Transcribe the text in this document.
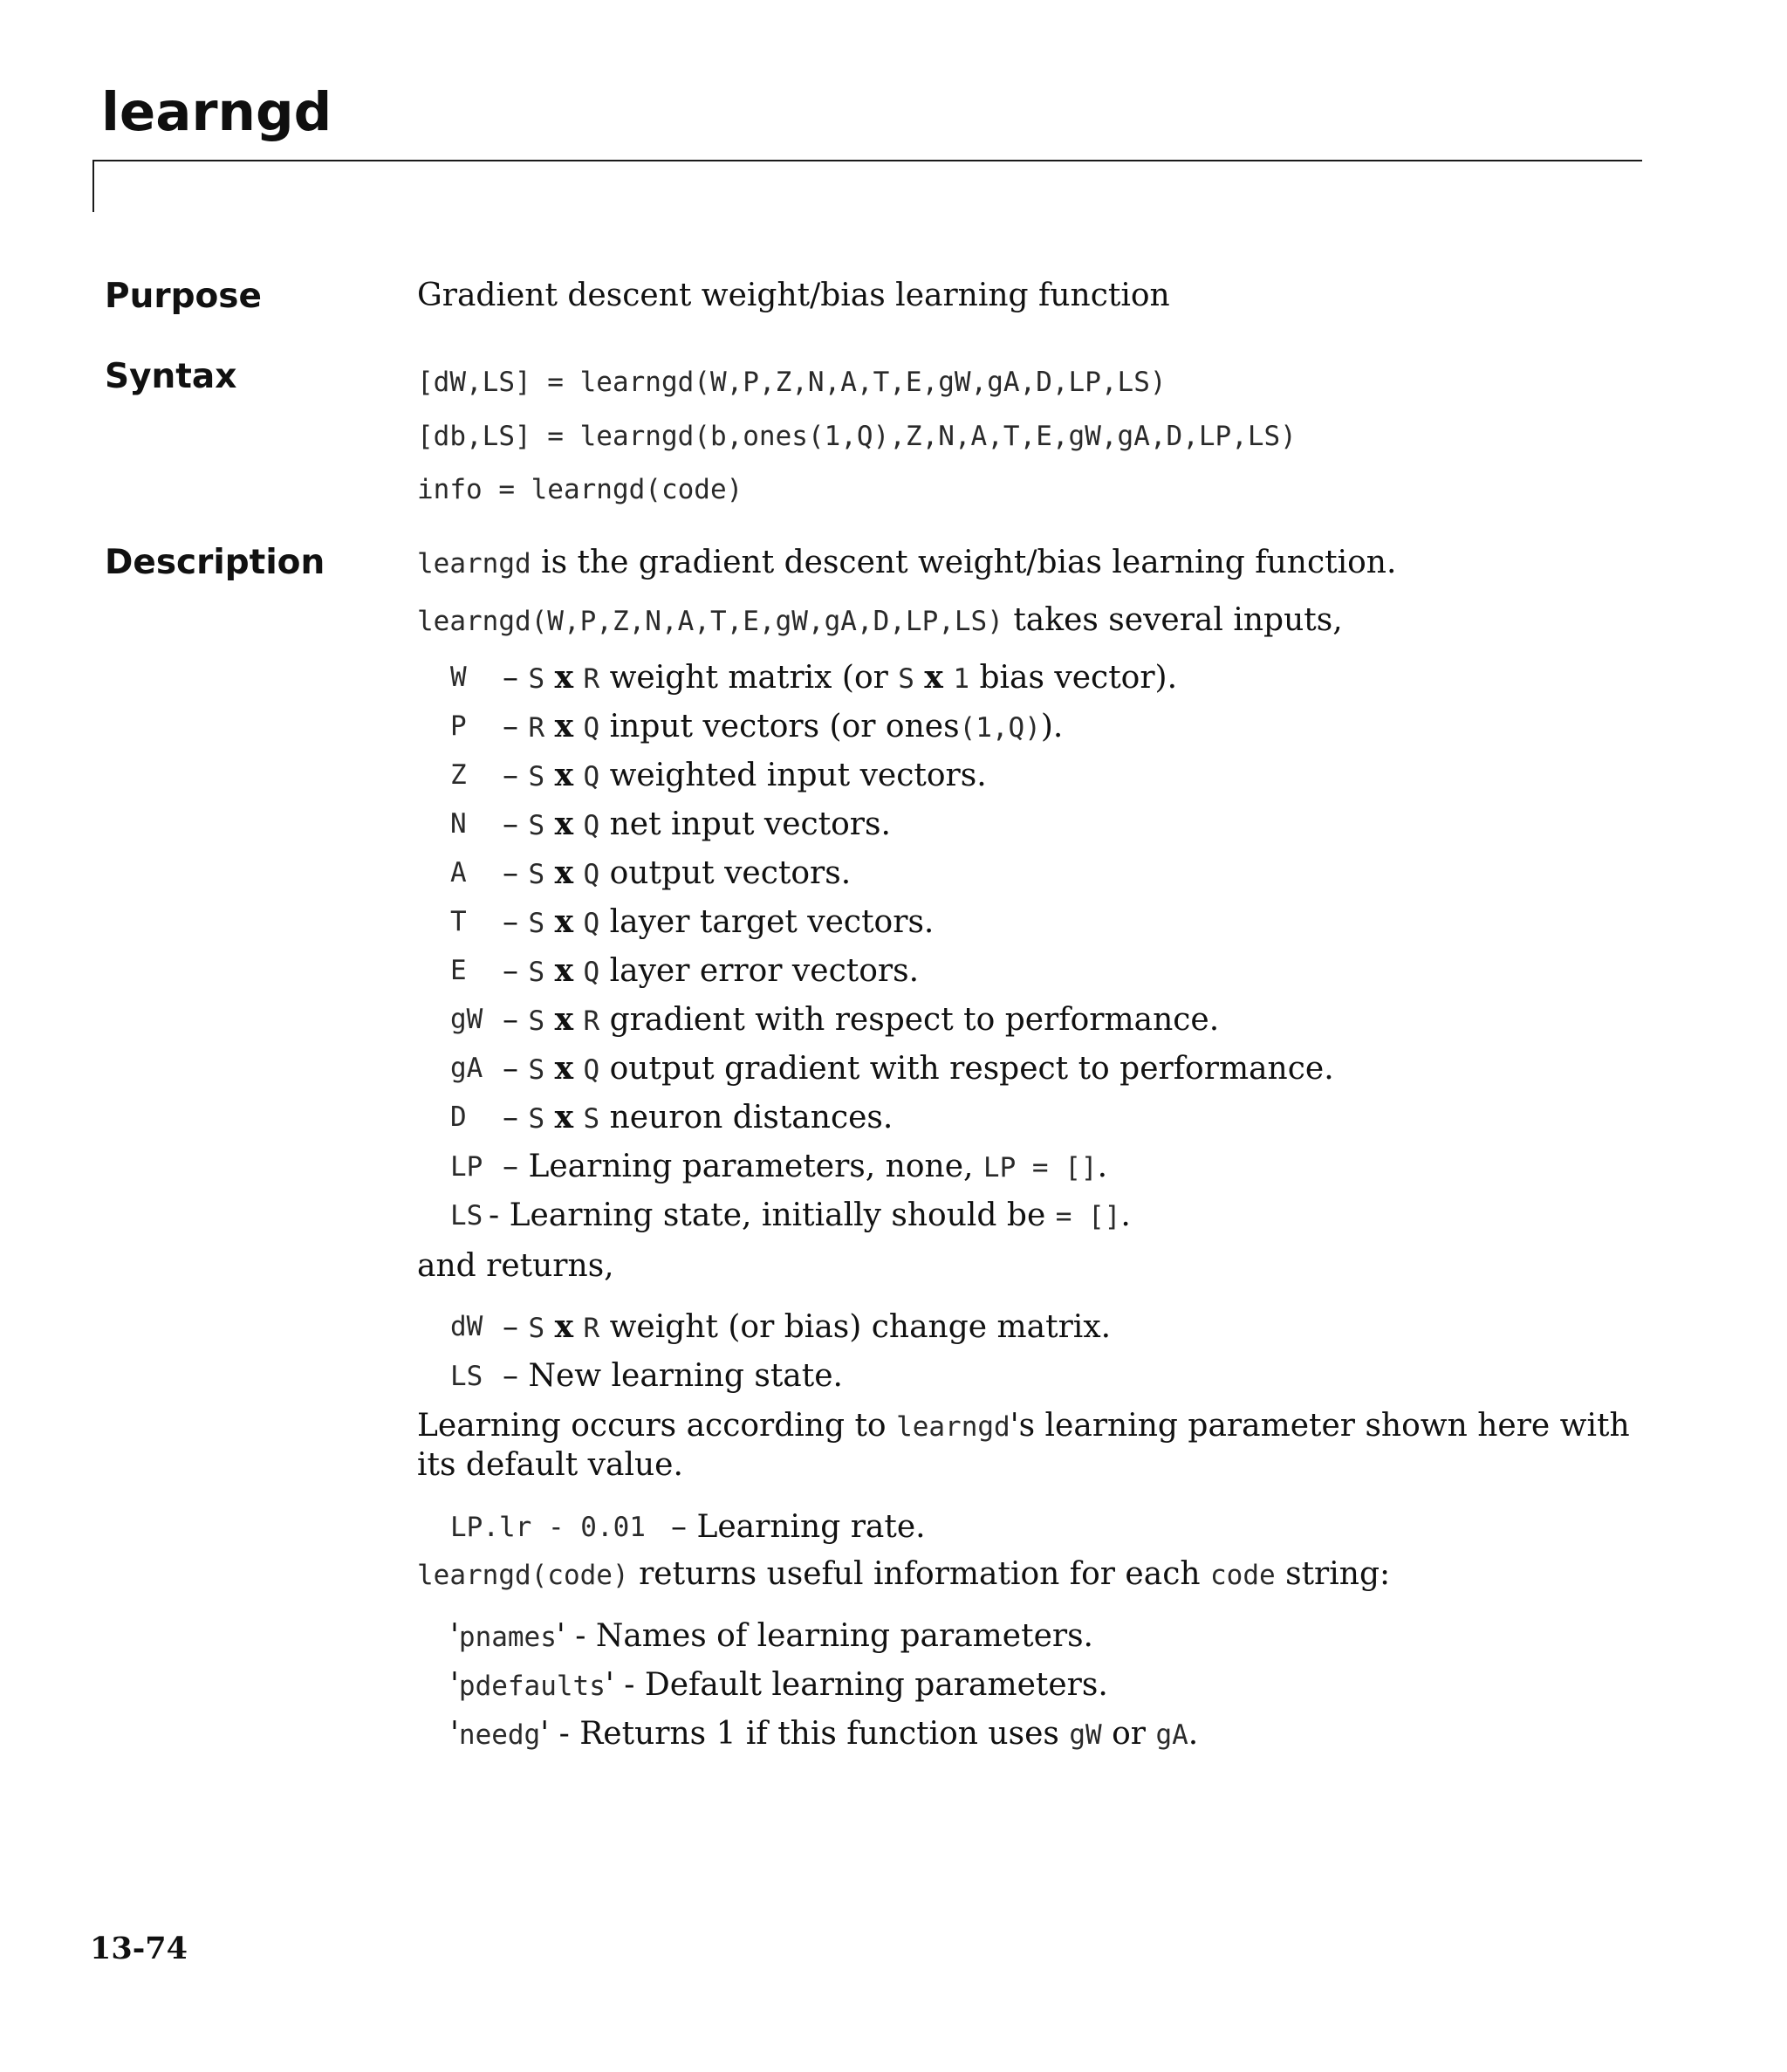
learngd
Purpose	Gradient descent weight/bias learning function

Syntax	[dW,LS] = learngd(W,P,Z,N,A,T,E,gW,gA,D,LP,LS)

[db,LS] = learngd(b,ones(1,Q),Z,N,A,T,E,gW,gA,D,LP,LS)

info = learngd(code)

Description	learngd is the gradient descent weight/bias learning function.

learngd(W,P,Z,N,A,T,E,gW,gA,D,LP,LS) takes several inputs,

W – S x R weight matrix (or S x 1 bias vector).
P – R x Q input vectors (or ones(1,Q)).
Z – S x Q weighted input vectors.
N – S x Q net input vectors.
A – S x Q output vectors.
T – S x Q layer target vectors.
E – S x Q layer error vectors.
gW – S x R gradient with respect to performance.
gA – S x Q output gradient with respect to performance.
D – S x S neuron distances.
LP – Learning parameters, none, LP = [].
LS - Learning state, initially should be = [].

and returns,

dW – S x R weight (or bias) change matrix.
LS – New learning state.

Learning occurs according to learngd's learning parameter shown here with

its default value.

LP.lr - 0.01 – Learning rate.

learngd(code) returns useful information for each code string:

'pnames' - Names of learning parameters.

'pdefaults' - Default learning parameters.

'needg' - Returns 1 if this function uses gW or gA.

13-74
